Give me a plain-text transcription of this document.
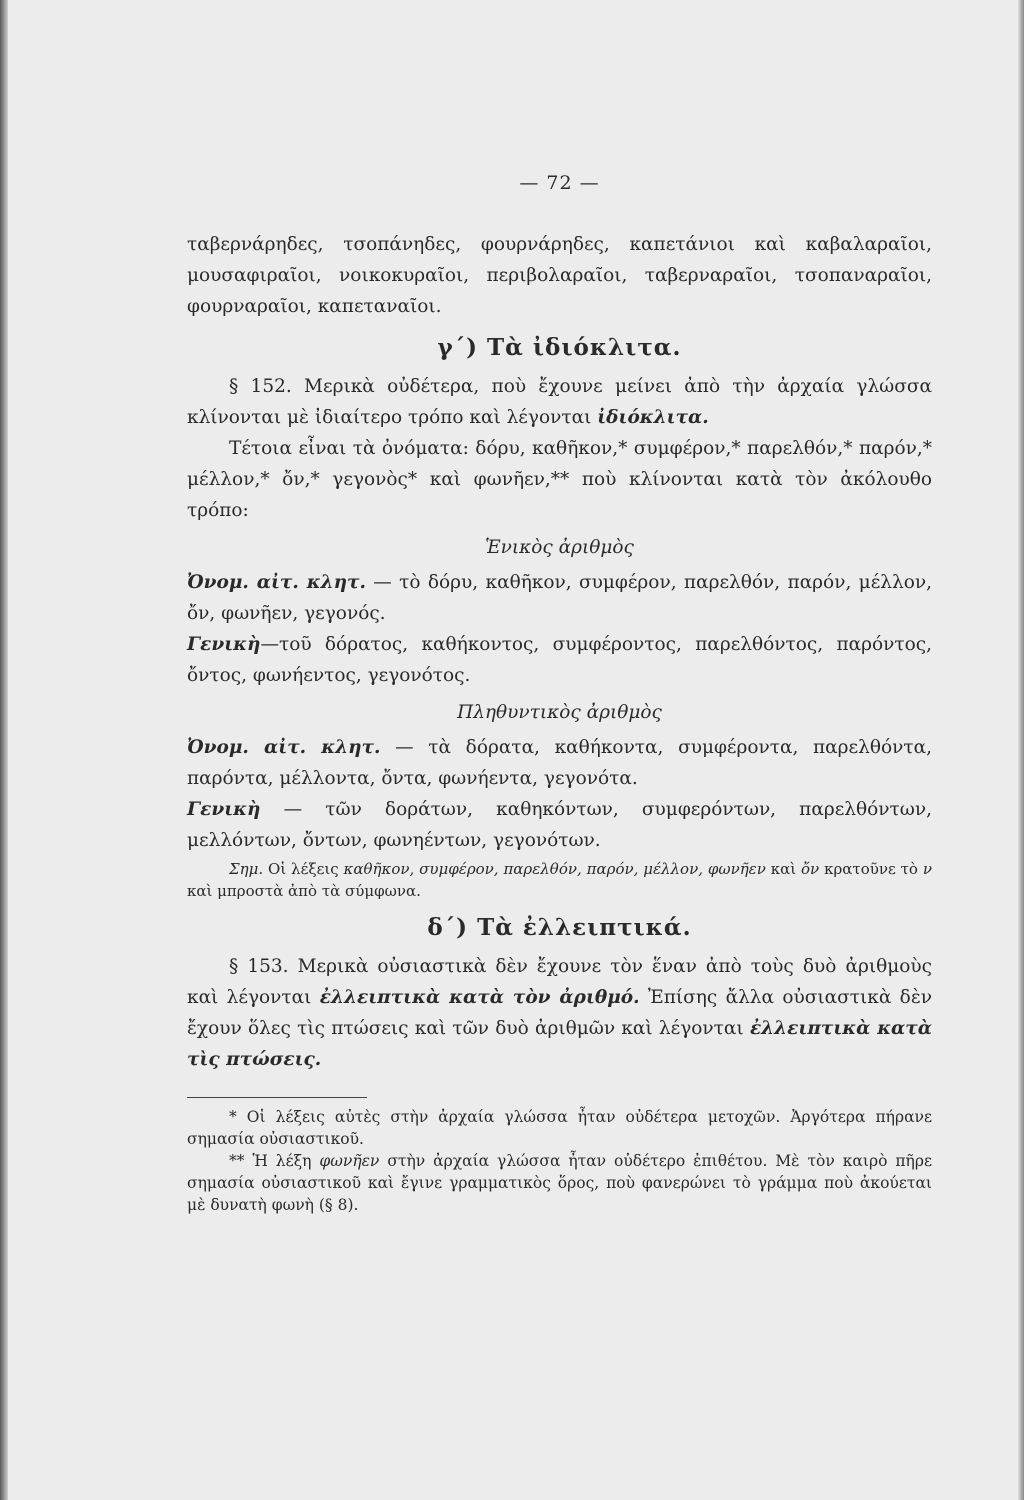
— 72 —

ταβερνάρηδες, τσοπάνηδες, φουρνάρηδες, καπετάνιοι καὶ καβαλαραῖοι, μουσαφιραῖοι, νοικοκυραῖοι, περιβολαραῖοι, ταβερναραῖοι, τσοπαναραῖοι, φουρναραῖοι, καπεταναῖοι.

γ΄) Τὰ ἰδιόκλιτα.

§ 152. Μερικὰ οὐδέτερα, ποὺ ἔχουνε μείνει ἀπὸ τὴν ἀρχαία γλώσσα κλίνονται μὲ ἰδιαίτερο τρόπο καὶ λέγονται ἰδιόκλιτα.

Τέτοια εἶναι τὰ ὀνόματα: δόρυ, καθῆκον,* συμφέρον,* παρελθόν,* παρόν,* μέλλον,* ὄν,* γεγονὸς* καὶ φωνῆεν,** ποὺ κλίνονται κατὰ τὸν ἀκόλουθο τρόπο:

Ἑνικὸς ἀριθμὸς

Ὀνομ. αἰτ. κλητ. — τὸ δόρυ, καθῆκον, συμφέρον, παρελθόν, παρόν, μέλλον, ὄν, φωνῆεν, γεγονός.

Γενικὴ—τοῦ δόρατος, καθήκοντος, συμφέροντος, παρελθόντος, παρόντος, ὄντος, φωνήεντος, γεγονότος.

Πληθυντικὸς ἀριθμὸς

Ὀνομ. αἰτ. κλητ. — τὰ δόρατα, καθήκοντα, συμφέροντα, παρελθόντα, παρόντα, μέλλοντα, ὄντα, φωνήεντα, γεγονότα.

Γενικὴ — τῶν δοράτων, καθηκόντων, συμφερόντων, παρελθόντων, μελλόντων, ὄντων, φωνηέντων, γεγονότων.

Σημ. Οἱ λέξεις καθῆκον, συμφέρον, παρελθόν, παρόν, μέλλον, φωνῆεν καὶ ὄν κρατοῦνε τὸ ν καὶ μπροστὰ ἀπὸ τὰ σύμφωνα.

δ΄) Τὰ ἐλλειπτικά.

§ 153. Μερικὰ οὐσιαστικὰ δὲν ἔχουνε τὸν ἕναν ἀπὸ τοὺς δυὸ ἀριθμοὺς καὶ λέγονται ἐλλειπτικὰ κατὰ τὸν ἀριθμό. Ἐπίσης ἄλλα οὐσιαστικὰ δὲν ἔχουν ὅλες τὶς πτώσεις καὶ τῶν δυὸ ἀριθμῶν καὶ λέγονται ἐλλειπτικὰ κατὰ τὶς πτώσεις.

* Οἱ λέξεις αὐτὲς στὴν ἀρχαία γλώσσα ἦταν οὐδέτερα μετοχῶν. Ἀργότερα πήρανε σημασία οὐσιαστικοῦ.

** Ἡ λέξη φωνῆεν στὴν ἀρχαία γλώσσα ἦταν οὐδέτερο ἐπιθέτου. Μὲ τὸν καιρὸ πῆρε σημασία οὐσιαστικοῦ καὶ ἔγινε γραμματικὸς ὅρος, ποὺ φανερώνει τὸ γράμμα ποὺ ἀκούεται μὲ δυνατὴ φωνὴ (§ 8).
